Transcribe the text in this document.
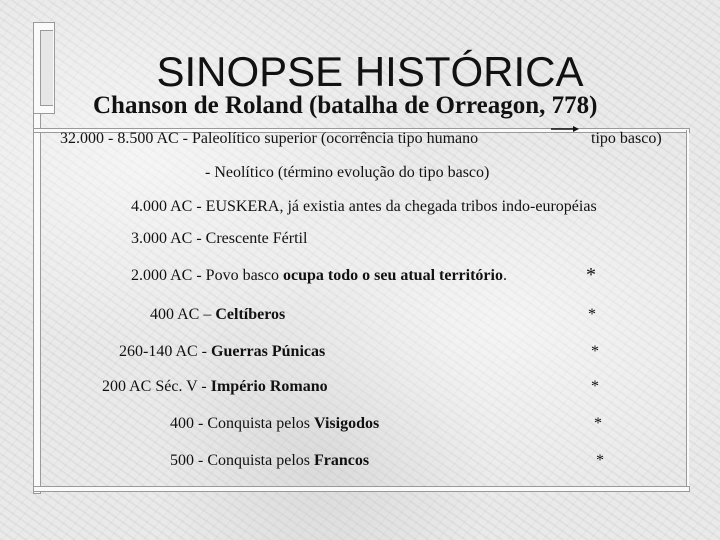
SINOPSE HISTÓRICA
Chanson de Roland (batalha de Orreagon, 778)
32.000 - 8.500 AC - Paleolítico superior (ocorrência tipo humano	tipo basco)
- Neolítico (término evolução do tipo basco)
4.000 AC - EUSKERA, já existia antes da chegada tribos indo-européias
3.000 AC - Crescente Fértil
2.000 AC - Povo basco ocupa todo o seu atual território.	*
400 AC – Celtíberos	*
260-140 AC - Guerras Púnicas	*
200 AC Séc. V - Império Romano	*
400 - Conquista pelos Visigodos	*
500 - Conquista pelos Francos	*
